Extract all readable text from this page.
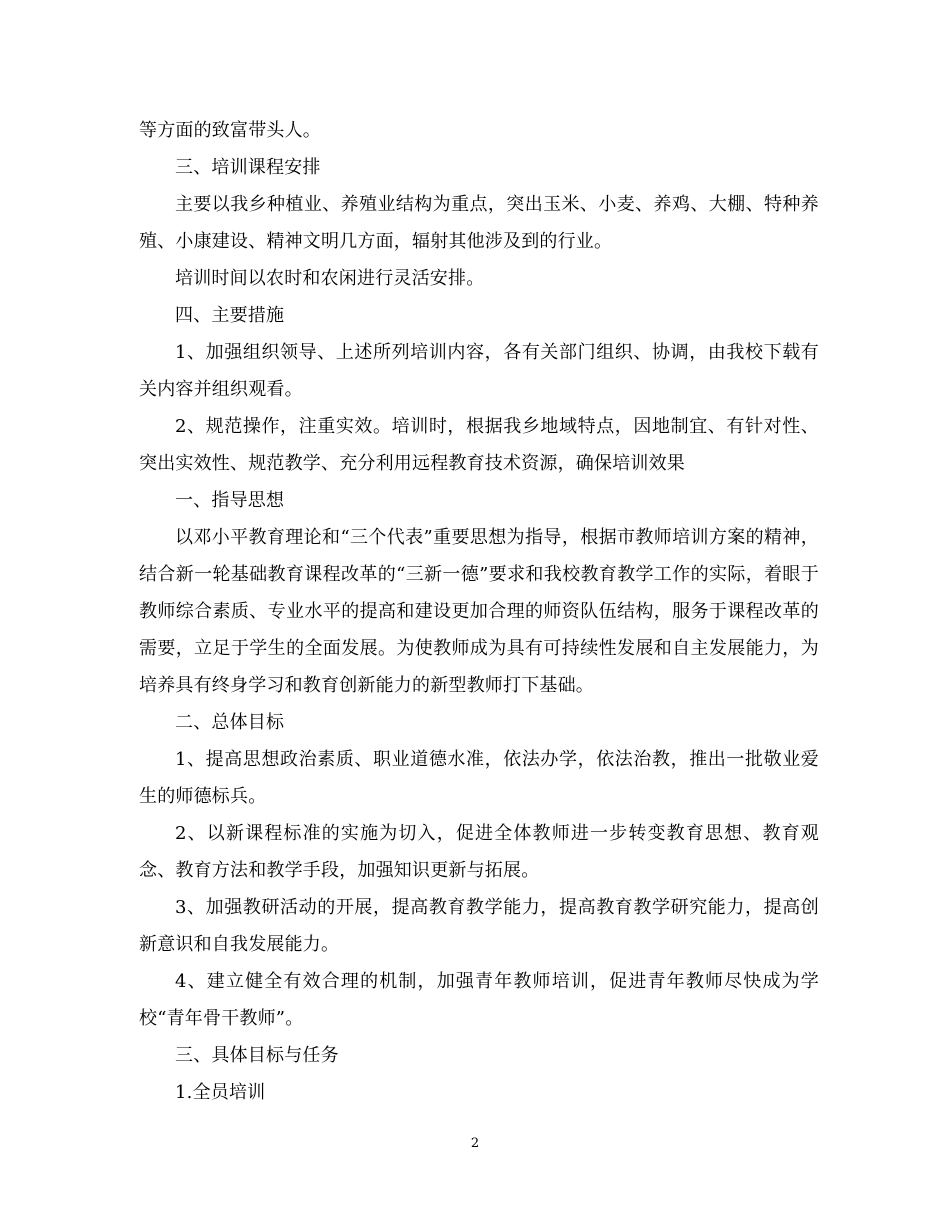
等方面的致富带头人。

三、培训课程安排

主要以我乡种植业、养殖业结构为重点，突出玉米、小麦、养鸡、大棚、特种养殖、小康建设、精神文明几方面，辐射其他涉及到的行业。

培训时间以农时和农闲进行灵活安排。

四、主要措施

1、加强组织领导、上述所列培训内容，各有关部门组织、协调，由我校下载有关内容并组织观看。

2、规范操作，注重实效。培训时，根据我乡地域特点，因地制宜、有针对性、突出实效性、规范教学、充分利用远程教育技术资源，确保培训效果

一、指导思想

以邓小平教育理论和“三个代表”重要思想为指导，根据市教师培训方案的精神，结合新一轮基础教育课程改革的“三新一德”要求和我校教育教学工作的实际，着眼于教师综合素质、专业水平的提高和建设更加合理的师资队伍结构，服务于课程改革的需要，立足于学生的全面发展。为使教师成为具有可持续性发展和自主发展能力，为培养具有终身学习和教育创新能力的新型教师打下基础。

二、总体目标

1、提高思想政治素质、职业道德水准，依法办学，依法治教，推出一批敬业爱生的师德标兵。

2、以新课程标准的实施为切入，促进全体教师进一步转变教育思想、教育观念、教育方法和教学手段，加强知识更新与拓展。

3、加强教研活动的开展，提高教育教学能力，提高教育教学研究能力，提高创新意识和自我发展能力。

4、建立健全有效合理的机制，加强青年教师培训，促进青年教师尽快成为学校“青年骨干教师”。

三、具体目标与任务

1.全员培训

2
